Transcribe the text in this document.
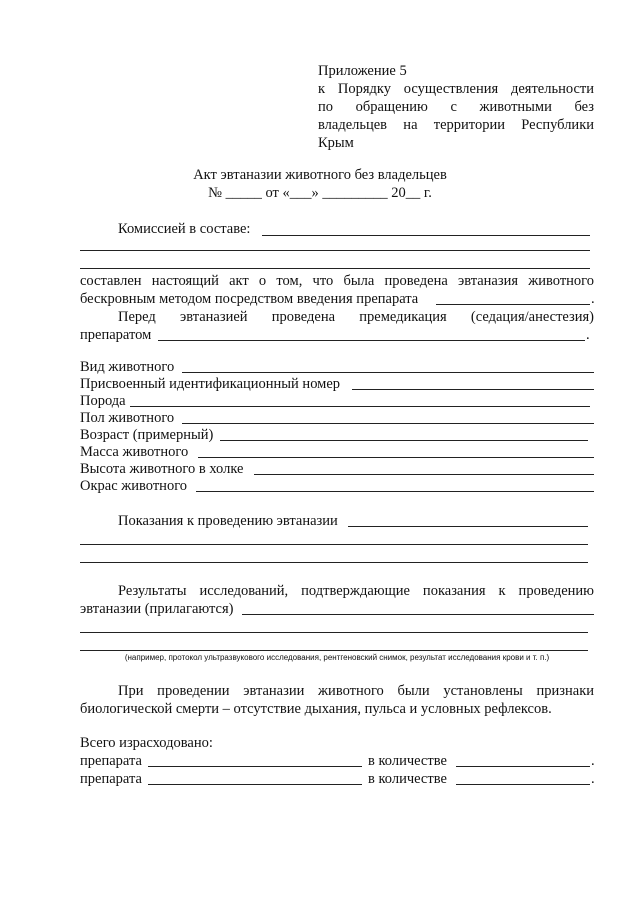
Приложение 5
к Порядку осуществления деятельности
по обращению с животными без
владельцев на территории Республики
Крым
Акт эвтаназии животного без владельцев
№ _____ от «___» _________ 20__ г.
Комиссией в составе:
составлен настоящий акт о том, что была проведена эвтаназия животного
бескровным методом посредством введения препарата	.
Перед эвтаназией проведена премедикация (седация/анестезия)
препаратом	.
Вид животного
Присвоенный идентификационный номер
Порода
Пол животного
Возраст (примерный)
Масса животного
Высота животного в холке
Окрас животного
Показания к проведению эвтаназии
Результаты исследований, подтверждающие показания к проведению
эвтаназии (прилагаются)
(например, протокол ультразвукового исследования, рентгеновский снимок, результат исследования крови и т. п.)
При проведении эвтаназии животного были установлены признаки
биологической смерти – отсутствие дыхания, пульса и условных рефлексов.
Всего израсходовано:
препарата	в количестве	.
препарата	в количестве	.
